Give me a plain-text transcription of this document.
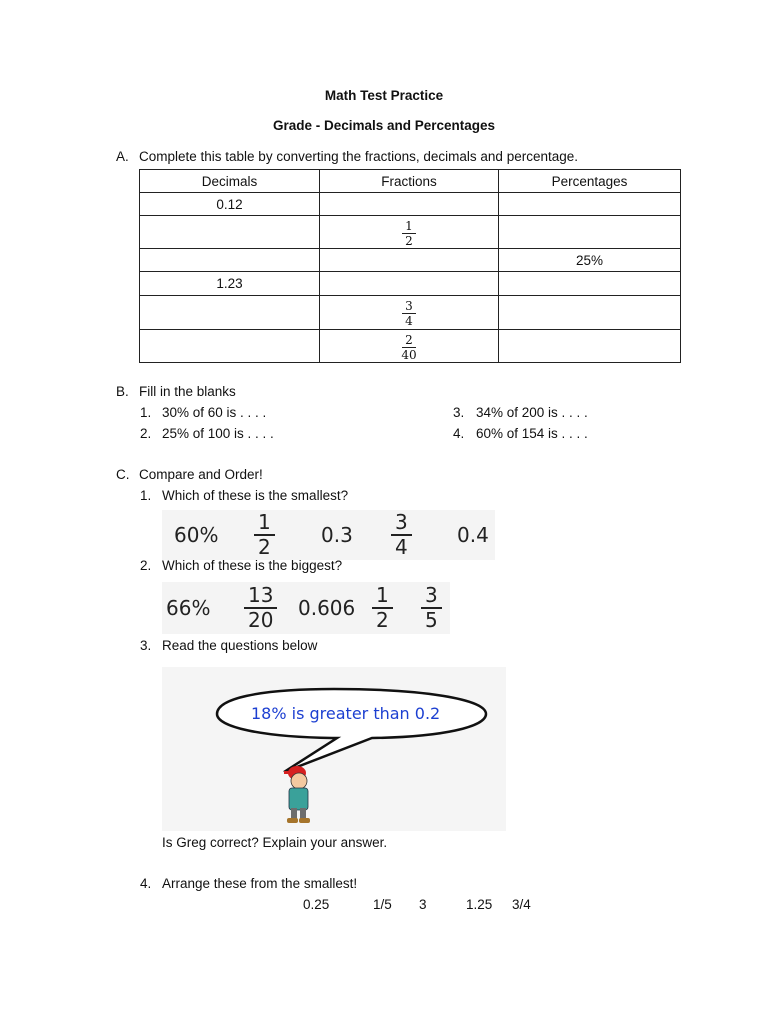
Math Test Practice
Grade - Decimals and Percentages
A. Complete this table by converting the fractions, decimals and percentage.
Decimals	Fractions	Percentages
0.12		

	$\frac{1}{2}$

		25%
1.23		

	$\frac{3}{4}$

	$\frac{2}{40}$

B. Fill in the blanks
1. 30% of 60 is . . . .
2. 25% of 100 is . . . .
3. 34% of 200 is . . . .
4. 60% of 154 is . . . .
C. Compare and Order!
1. Which of these is the smallest?
$60\% \frac{1}{2} 0.3 \frac{3}{4} 0.4$
2. Which of these is the biggest?
$66\% \frac{13}{20} 0.606 \frac{1}{2} \frac{3}{5}$
3. Read the questions below
18% is greater than 0.2
Is Greg correct? Explain your answer.
4. Arrange these from the smallest!
0.25	1/5 3	1.25 3/4
